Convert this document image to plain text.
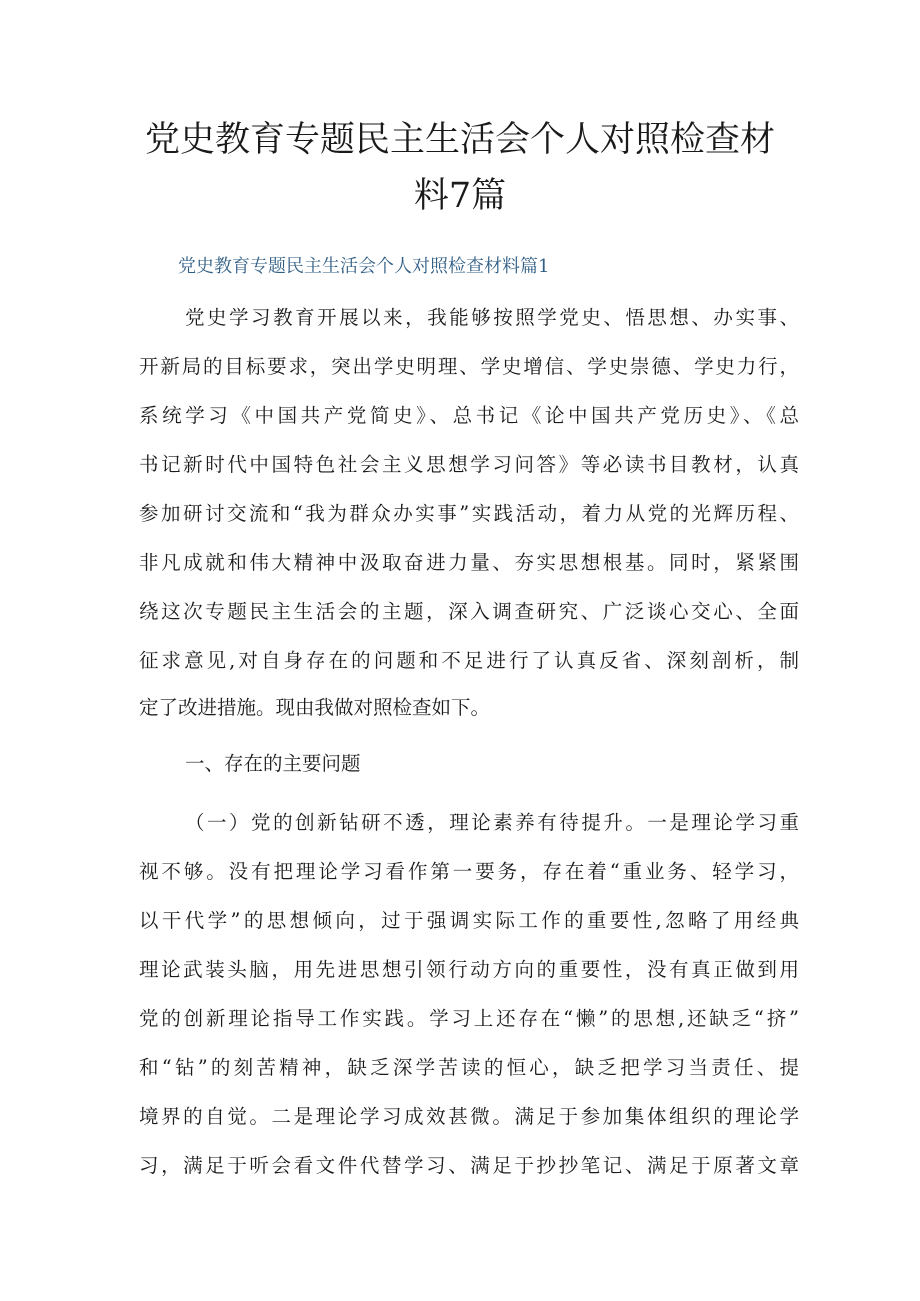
党史教育专题民主生活会个人对照检查材
料7篇

党史教育专题民主生活会个人对照检查材料篇1

党史学习教育开展以来，我能够按照学党史、悟思想、办实事、

开新局的目标要求，突出学史明理、学史增信、学史崇德、学史力行，

系统学习《中国共产党简史》、总书记《论中国共产党历史》、《总

书记新时代中国特色社会主义思想学习问答》等必读书目教材，认真

参加研讨交流和“我为群众办实事”实践活动，着力从党的光辉历程、

非凡成就和伟大精神中汲取奋进力量、夯实思想根基。同时，紧紧围

绕这次专题民主生活会的主题，深入调查研究、广泛谈心交心、全面

征求意见,对自身存在的问题和不足进行了认真反省、深刻剖析，制

定了改进措施。现由我做对照检查如下。

一、存在的主要问题

（一）党的创新钻研不透，理论素养有待提升。一是理论学习重

视不够。没有把理论学习看作第一要务，存在着“重业务、轻学习，

以干代学”的思想倾向，过于强调实际工作的重要性,忽略了用经典

理论武装头脑，用先进思想引领行动方向的重要性，没有真正做到用

党的创新理论指导工作实践。学习上还存在“懒”的思想,还缺乏“挤”

和“钻”的刻苦精神，缺乏深学苦读的恒心，缺乏把学习当责任、提

境界的自觉。二是理论学习成效甚微。满足于参加集体组织的理论学

习，满足于听会看文件代替学习、满足于抄抄笔记、满足于原著文章
